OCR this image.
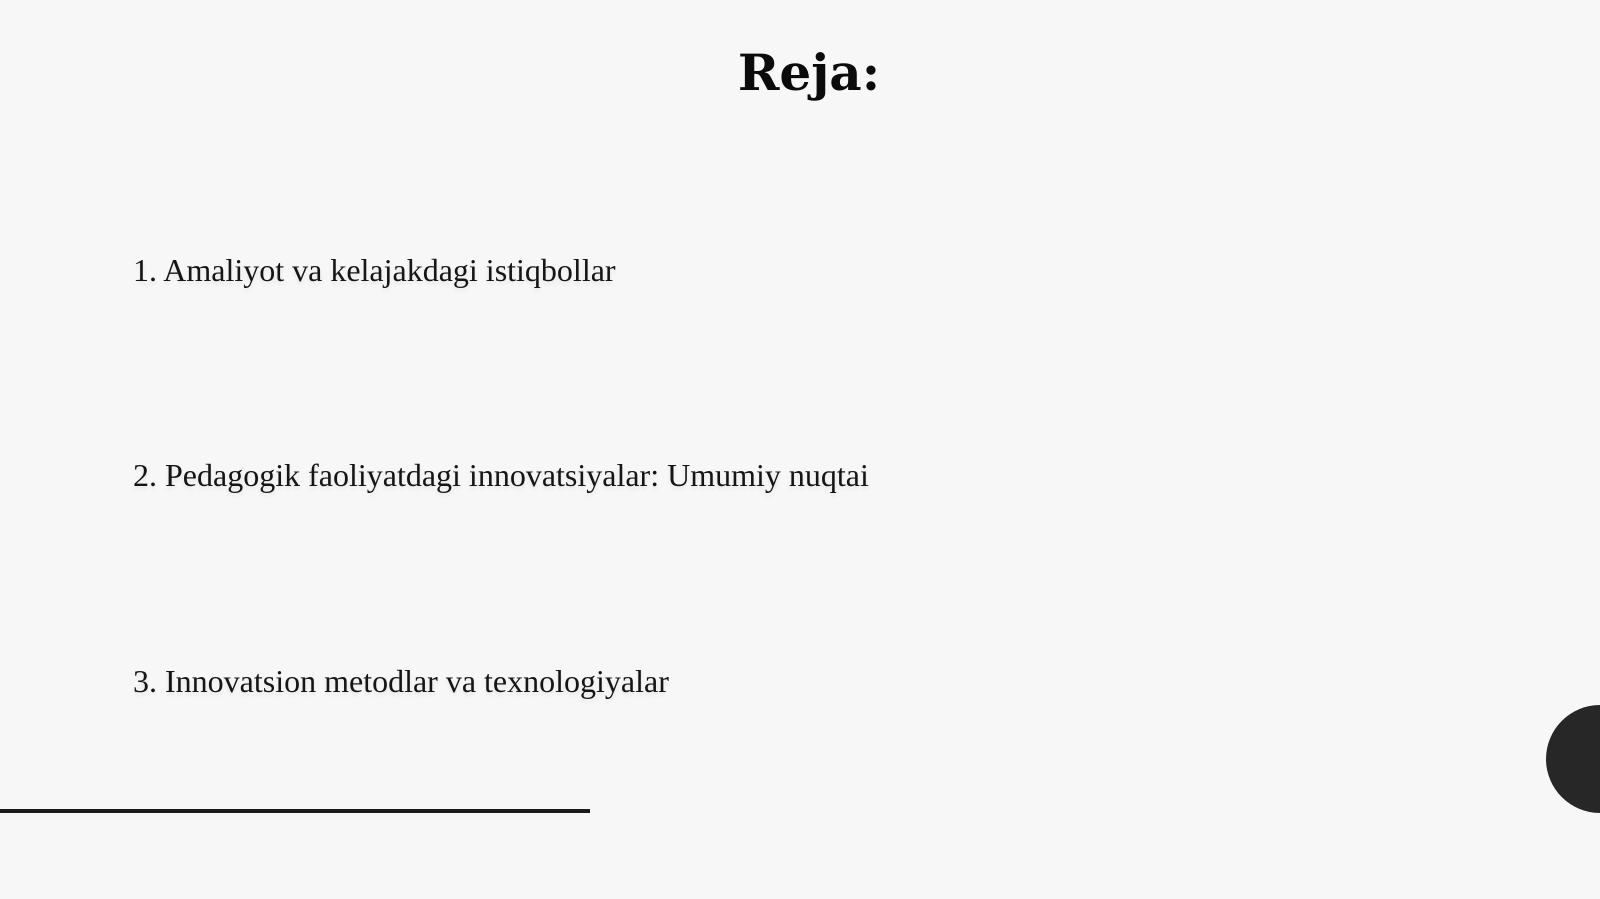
Reja:
1. Amaliyot va kelajakdagi istiqbollar
2. Pedagogik faoliyatdagi innovatsiyalar: Umumiy nuqtai
3. Innovatsion metodlar va texnologiyalar
